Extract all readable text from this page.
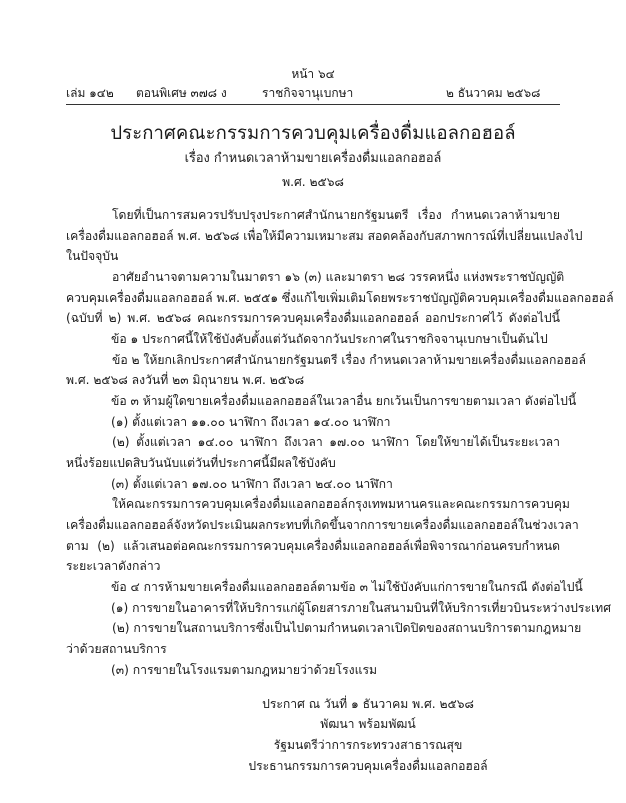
หน้า ๖๔
เล่ม ๑๔๒ ตอนพิเศษ ๓๗๘ ง	ราชกิจจานุเบกษา	๒ ธันวาคม ๒๕๖๘
ประกาศคณะกรรมการควบคุมเครื่องดื่มแอลกอฮอล์
เรื่อง กำหนดเวลาห้ามขายเครื่องดื่มแอลกอฮอล์
พ.ศ. ๒๕๖๘
โดยที่เป็นการสมควรปรับปรุงประกาศสำนักนายกรัฐมนตรี เรื่อง กำหนดเวลาห้ามขาย
เครื่องดื่มแอลกอฮอล์ พ.ศ. ๒๕๖๘ เพื่อให้มีความเหมาะสม สอดคล้องกับสภาพการณ์ที่เปลี่ยนแปลงไป
ในปัจจุบัน
อาศัยอำนาจตามความในมาตรา ๑๖ (๓) และมาตรา ๒๘ วรรคหนึ่ง แห่งพระราชบัญญัติ
ควบคุมเครื่องดื่มแอลกอฮอล์ พ.ศ. ๒๕๕๑ ซึ่งแก้ไขเพิ่มเติมโดยพระราชบัญญัติควบคุมเครื่องดื่มแอลกอฮอล์
(ฉบับที่ ๒) พ.ศ. ๒๕๖๘ คณะกรรมการควบคุมเครื่องดื่มแอลกอฮอล์ ออกประกาศไว้ ดังต่อไปนี้
ข้อ ๑ ประกาศนี้ให้ใช้บังคับตั้งแต่วันถัดจากวันประกาศในราชกิจจานุเบกษาเป็นต้นไป
ข้อ ๒ ให้ยกเลิกประกาศสำนักนายกรัฐมนตรี เรื่อง กำหนดเวลาห้ามขายเครื่องดื่มแอลกอฮอล์
พ.ศ. ๒๕๖๘ ลงวันที่ ๒๓ มิถุนายน พ.ศ. ๒๕๖๘
ข้อ ๓ ห้ามผู้ใดขายเครื่องดื่มแอลกอฮอล์ในเวลาอื่น ยกเว้นเป็นการขายตามเวลา ดังต่อไปนี้
(๑) ตั้งแต่เวลา ๑๑.๐๐ นาฬิกา ถึงเวลา ๑๔.๐๐ นาฬิกา
(๒) ตั้งแต่เวลา ๑๔.๐๐ นาฬิกา ถึงเวลา ๑๗.๐๐ นาฬิกา โดยให้ขายได้เป็นระยะเวลา
หนึ่งร้อยแปดสิบวันนับแต่วันที่ประกาศนี้มีผลใช้บังคับ
(๓) ตั้งแต่เวลา ๑๗.๐๐ นาฬิกา ถึงเวลา ๒๔.๐๐ นาฬิกา
ให้คณะกรรมการควบคุมเครื่องดื่มแอลกอฮอล์กรุงเทพมหานครและคณะกรรมการควบคุม
เครื่องดื่มแอลกอฮอล์จังหวัดประเมินผลกระทบที่เกิดขึ้นจากการขายเครื่องดื่มแอลกอฮอล์ในช่วงเวลา
ตาม (๒) แล้วเสนอต่อคณะกรรมการควบคุมเครื่องดื่มแอลกอฮอล์เพื่อพิจารณาก่อนครบกำหนด
ระยะเวลาดังกล่าว
ข้อ ๔ การห้ามขายเครื่องดื่มแอลกอฮอล์ตามข้อ ๓ ไม่ใช้บังคับแก่การขายในกรณี ดังต่อไปนี้
(๑) การขายในอาคารที่ให้บริการแก่ผู้โดยสารภายในสนามบินที่ให้บริการเที่ยวบินระหว่างประเทศ
(๒) การขายในสถานบริการซึ่งเป็นไปตามกำหนดเวลาเปิดปิดของสถานบริการตามกฎหมาย
ว่าด้วยสถานบริการ
(๓) การขายในโรงแรมตามกฎหมายว่าด้วยโรงแรม
ประกาศ ณ วันที่ ๑ ธันวาคม พ.ศ. ๒๕๖๘
พัฒนา พร้อมพัฒน์
รัฐมนตรีว่าการกระทรวงสาธารณสุข
ประธานกรรมการควบคุมเครื่องดื่มแอลกอฮอล์
